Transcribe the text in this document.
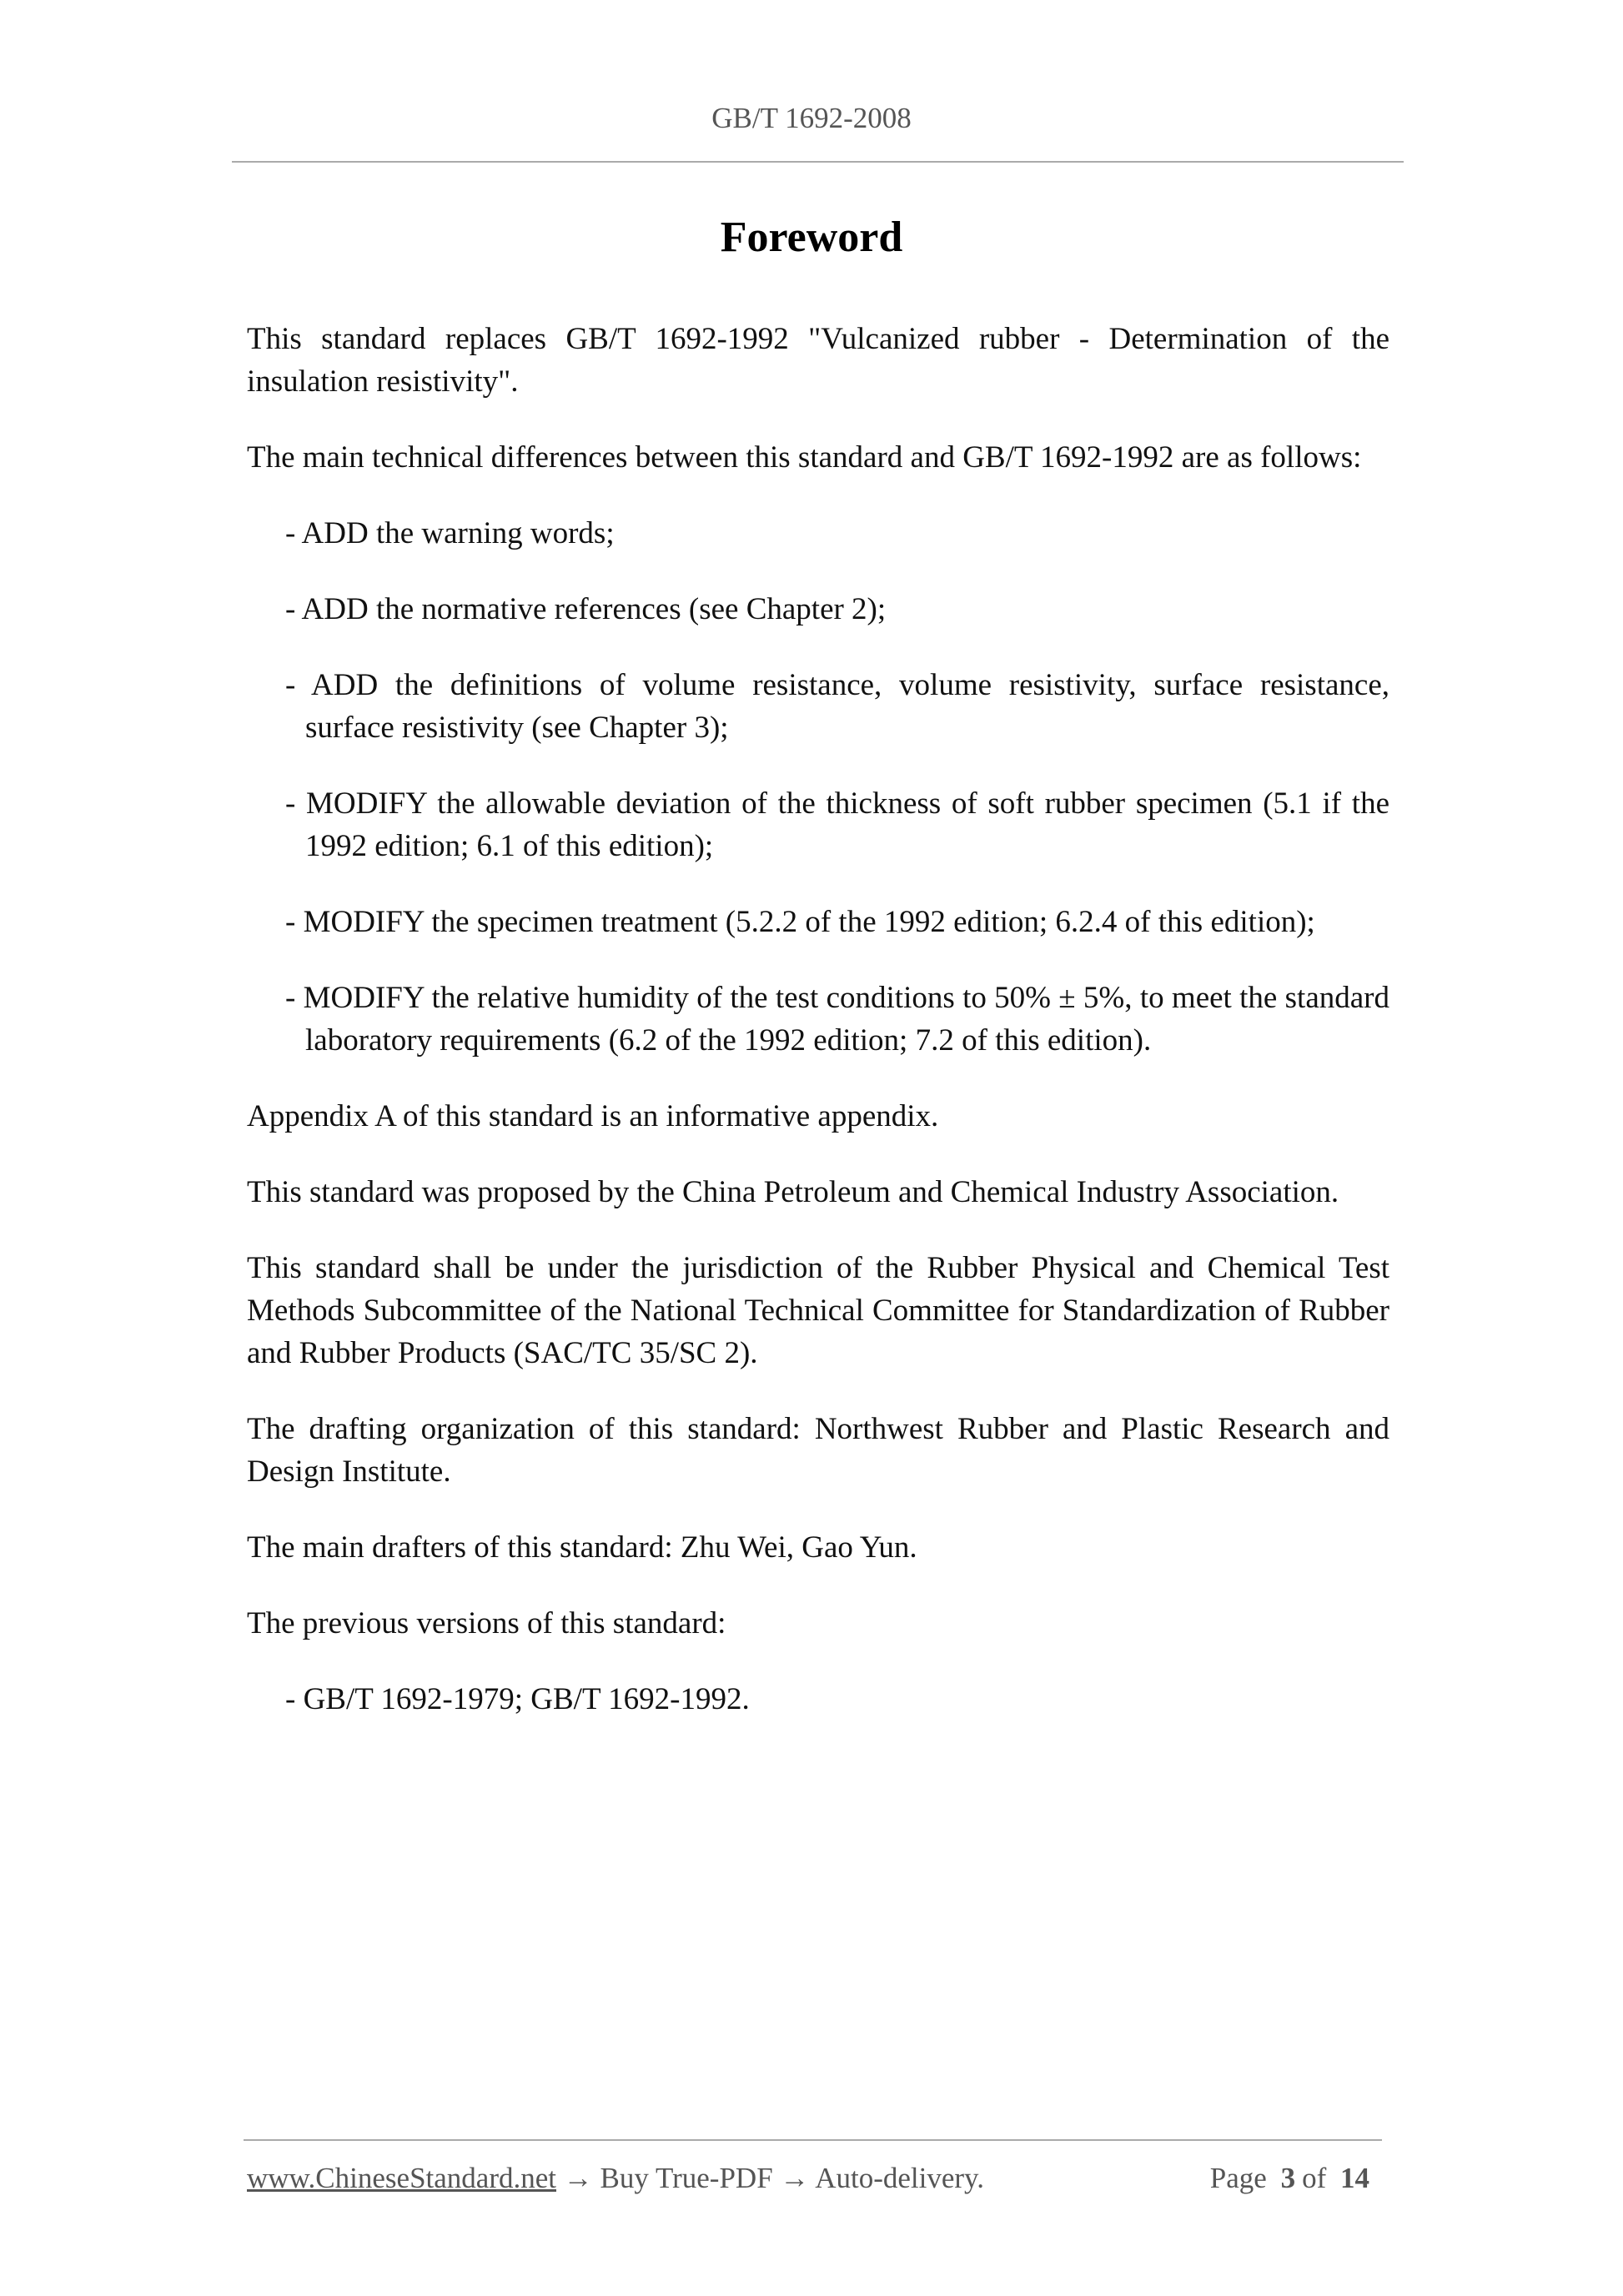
GB/T 1692-2008
Foreword

This standard replaces GB/T 1692-1992 "Vulcanized rubber - Determination of the insulation resistivity".

The main technical differences between this standard and GB/T 1692-1992 are as follows:

- ADD the warning words;

- ADD the normative references (see Chapter 2);

- ADD the definitions of volume resistance, volume resistivity, surface resistance, surface resistivity (see Chapter 3);

- MODIFY the allowable deviation of the thickness of soft rubber specimen (5.1 if the 1992 edition; 6.1 of this edition);

- MODIFY the specimen treatment (5.2.2 of the 1992 edition; 6.2.4 of this edition);

- MODIFY the relative humidity of the test conditions to 50% ± 5%, to meet the standard laboratory requirements (6.2 of the 1992 edition; 7.2 of this edition).

Appendix A of this standard is an informative appendix.

This standard was proposed by the China Petroleum and Chemical Industry Association.

This standard shall be under the jurisdiction of the Rubber Physical and Chemical Test Methods Subcommittee of the National Technical Committee for Standardization of Rubber and Rubber Products (SAC/TC 35/SC 2).

The drafting organization of this standard: Northwest Rubber and Plastic Research and Design Institute.

The main drafters of this standard: Zhu Wei, Gao Yun.

The previous versions of this standard:

- GB/T 1692-1979; GB/T 1692-1992.

www.ChineseStandard.net → Buy True-PDF → Auto-delivery.	Page 3 of 14
